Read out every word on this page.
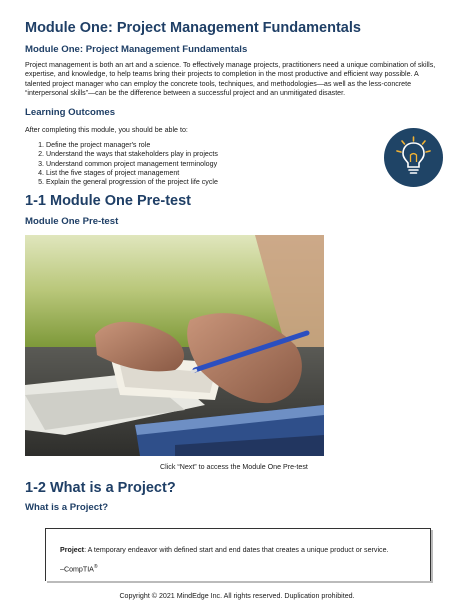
Module One: Project Management Fundamentals
Module One: Project Management Fundamentals

Project management is both an art and a science. To effectively manage projects, practitioners need a unique combination of skills, expertise, and knowledge, to help teams bring their projects to completion in the most productive and efficient way possible. A talented project manager who can employ the concrete tools, techniques, and methodologies—as well as the less-concrete “interpersonal skills”—can be the difference between a successful project and an unmitigated disaster.

Learning Outcomes

After completing this module, you should be able to:

1. Define the project manager's role
2. Understand the ways that stakeholders play in projects
3. Understand common project management terminology
4. List the five stages of project management
5. Explain the general progression of the project life cycle
1-1 Module One Pre-test
Module One Pre-test

Click “Next” to access the Module One Pre-test

1-2 What is a Project?
What is a Project?

Project: A temporary endeavor with defined start and end dates that creates a unique product or service.

–CompTIA®

Copyright © 2021 MindEdge Inc. All rights reserved. Duplication prohibited.
